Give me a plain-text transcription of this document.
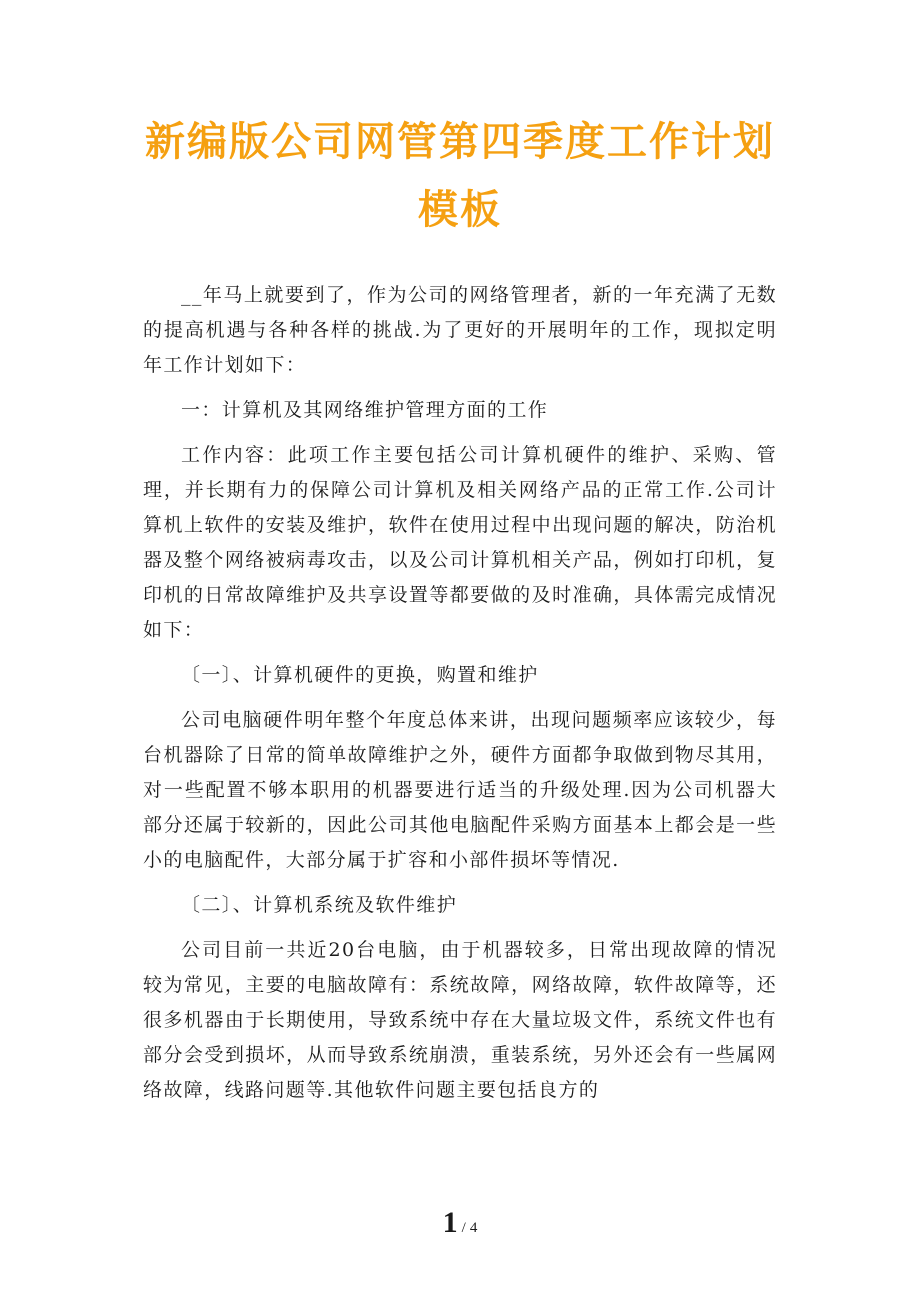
新编版公司网管第四季度工作计划
模板

__年马上就要到了，作为公司的网络管理者，新的一年充满了无数的提高机遇与各种各样的挑战.为了更好的开展明年的工作，现拟定明年工作计划如下：

一：计算机及其网络维护管理方面的工作

工作内容：此项工作主要包括公司计算机硬件的维护、采购、管理，并长期有力的保障公司计算机及相关网络产品的正常工作.公司计算机上软件的安装及维护，软件在使用过程中出现问题的解决，防治机器及整个网络被病毒攻击，以及公司计算机相关产品，例如打印机，复印机的日常故障维护及共享设置等都要做的及时准确，具体需完成情况如下：

〔一〕、计算机硬件的更换，购置和维护

公司电脑硬件明年整个年度总体来讲，出现问题频率应该较少，每台机器除了日常的简单故障维护之外，硬件方面都争取做到物尽其用，对一些配置不够本职用的机器要进行适当的升级处理.因为公司机器大部分还属于较新的，因此公司其他电脑配件采购方面基本上都会是一些小的电脑配件，大部分属于扩容和小部件损坏等情况.

〔二〕、计算机系统及软件维护

公司目前一共近20台电脑，由于机器较多，日常出现故障的情况较为常见，主要的电脑故障有：系统故障，网络故障，软件故障等，还很多机器由于长期使用，导致系统中存在大量垃圾文件，系统文件也有部分会受到损坏，从而导致系统崩溃，重装系统，另外还会有一些属网络故障，线路问题等.其他软件问题主要包括良方的

1 / 4
